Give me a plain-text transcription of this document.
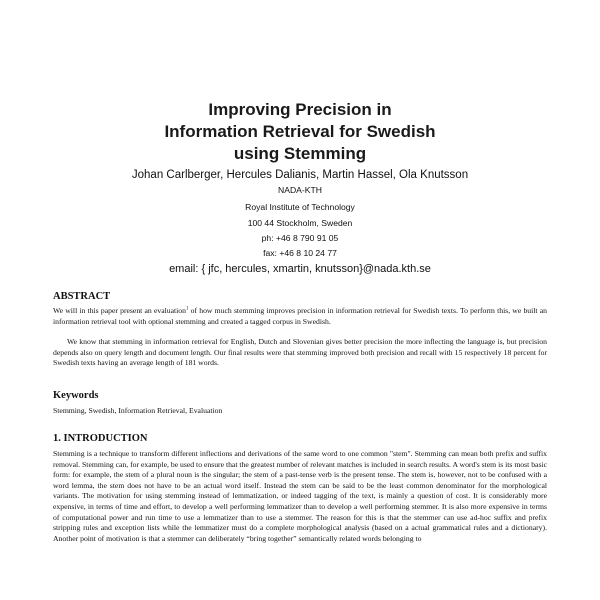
Improving Precision in
Information Retrieval for Swedish
using Stemming
Johan Carlberger, Hercules Dalianis, Martin Hassel, Ola Knutsson
NADA-KTH
Royal Institute of Technology
100 44 Stockholm, Sweden
ph: +46 8 790 91 05
fax: +46 8 10 24 77
email: { jfc, hercules, xmartin, knutsson}@nada.kth.se
ABSTRACT
We will in this paper present an evaluation$^1$ of how much stemming improves precision in information retrieval for Swedish texts. To perform this, we built an information retrieval tool with optional stemming and created a tagged corpus in Swedish.
We know that stemming in information retrieval for English, Dutch and Slovenian gives better precision the more inflecting the language is, but precision depends also on query length and document length. Our final results were that stemming improved both precision and recall with 15 respectively 18 percent for Swedish texts having an average length of 181 words.
Keywords
Stemming, Swedish, Information Retrieval, Evaluation
1. INTRODUCTION
Stemming is a technique to transform different inflections and derivations of the same word to one common "stem". Stemming can mean both prefix and suffix removal. Stemming can, for example, be used to ensure that the greatest number of relevant matches is included in search results. A word's stem is its most basic form: for example, the stem of a plural noun is the singular; the stem of a past-tense verb is the present tense. The stem is, however, not to be confused with a word lemma, the stem does not have to be an actual word itself. Instead the stem can be said to be the least common denominator for the morphological variants. The motivation for using stemming instead of lemmatization, or indeed tagging of the text, is mainly a question of cost. It is considerably more expensive, in terms of time and effort, to develop a well performing lemmatizer than to develop a well performing stemmer. It is also more expensive in terms of computational power and run time to use a lemmatizer than to use a stemmer. The reason for this is that the stemmer can use ad-hoc suffix and prefix stripping rules and exception lists while the lemmatizer must do a complete morphological analysis (based on a actual grammatical rules and a dictionary). Another point of motivation is that a stemmer can deliberately “bring together” semantically related words belonging to
